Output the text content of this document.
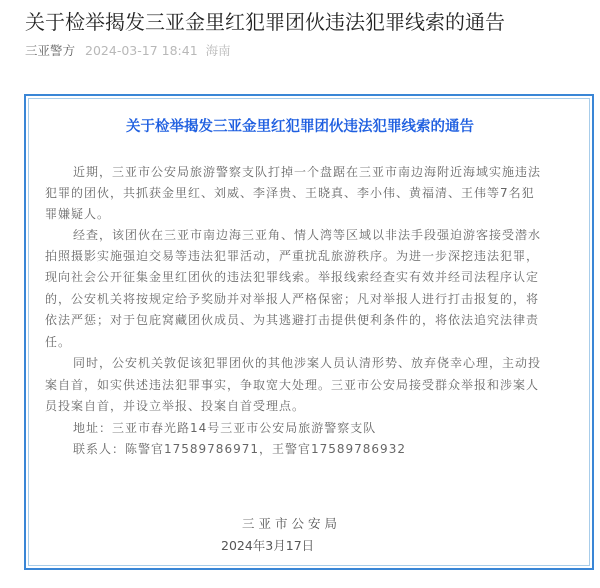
关于检举揭发三亚金里红犯罪团伙违法犯罪线索的通告
三亚警方 2024-03-17 18:41 海南
关于检举揭发三亚金里红犯罪团伙违法犯罪线索的通告
近期，三亚市公安局旅游警察支队打掉一个盘踞在三亚市南边海附近海域实施违法
犯罪的团伙，共抓获金里红、刘威、李泽贵、王晓真、李小伟、黄福清、王伟等7名犯
罪嫌疑人。
经查，该团伙在三亚市南边海三亚角、情人湾等区域以非法手段强迫游客接受潜水
拍照摄影实施强迫交易等违法犯罪活动，严重扰乱旅游秩序。为进一步深挖违法犯罪，
现向社会公开征集金里红团伙的违法犯罪线索。举报线索经查实有效并经司法程序认定
的，公安机关将按规定给予奖励并对举报人严格保密；凡对举报人进行打击报复的，将
依法严惩；对于包庇窝藏团伙成员、为其逃避打击提供便利条件的，将依法追究法律责
任。
同时，公安机关敦促该犯罪团伙的其他涉案人员认清形势、放弃侥幸心理，主动投
案自首，如实供述违法犯罪事实，争取宽大处理。三亚市公安局接受群众举报和涉案人
员投案自首，并设立举报、投案自首受理点。
地址：三亚市春光路14号三亚市公安局旅游警察支队
联系人：陈警官17589786971，王警官17589786932
三亚市公安局
2024年3月17日
